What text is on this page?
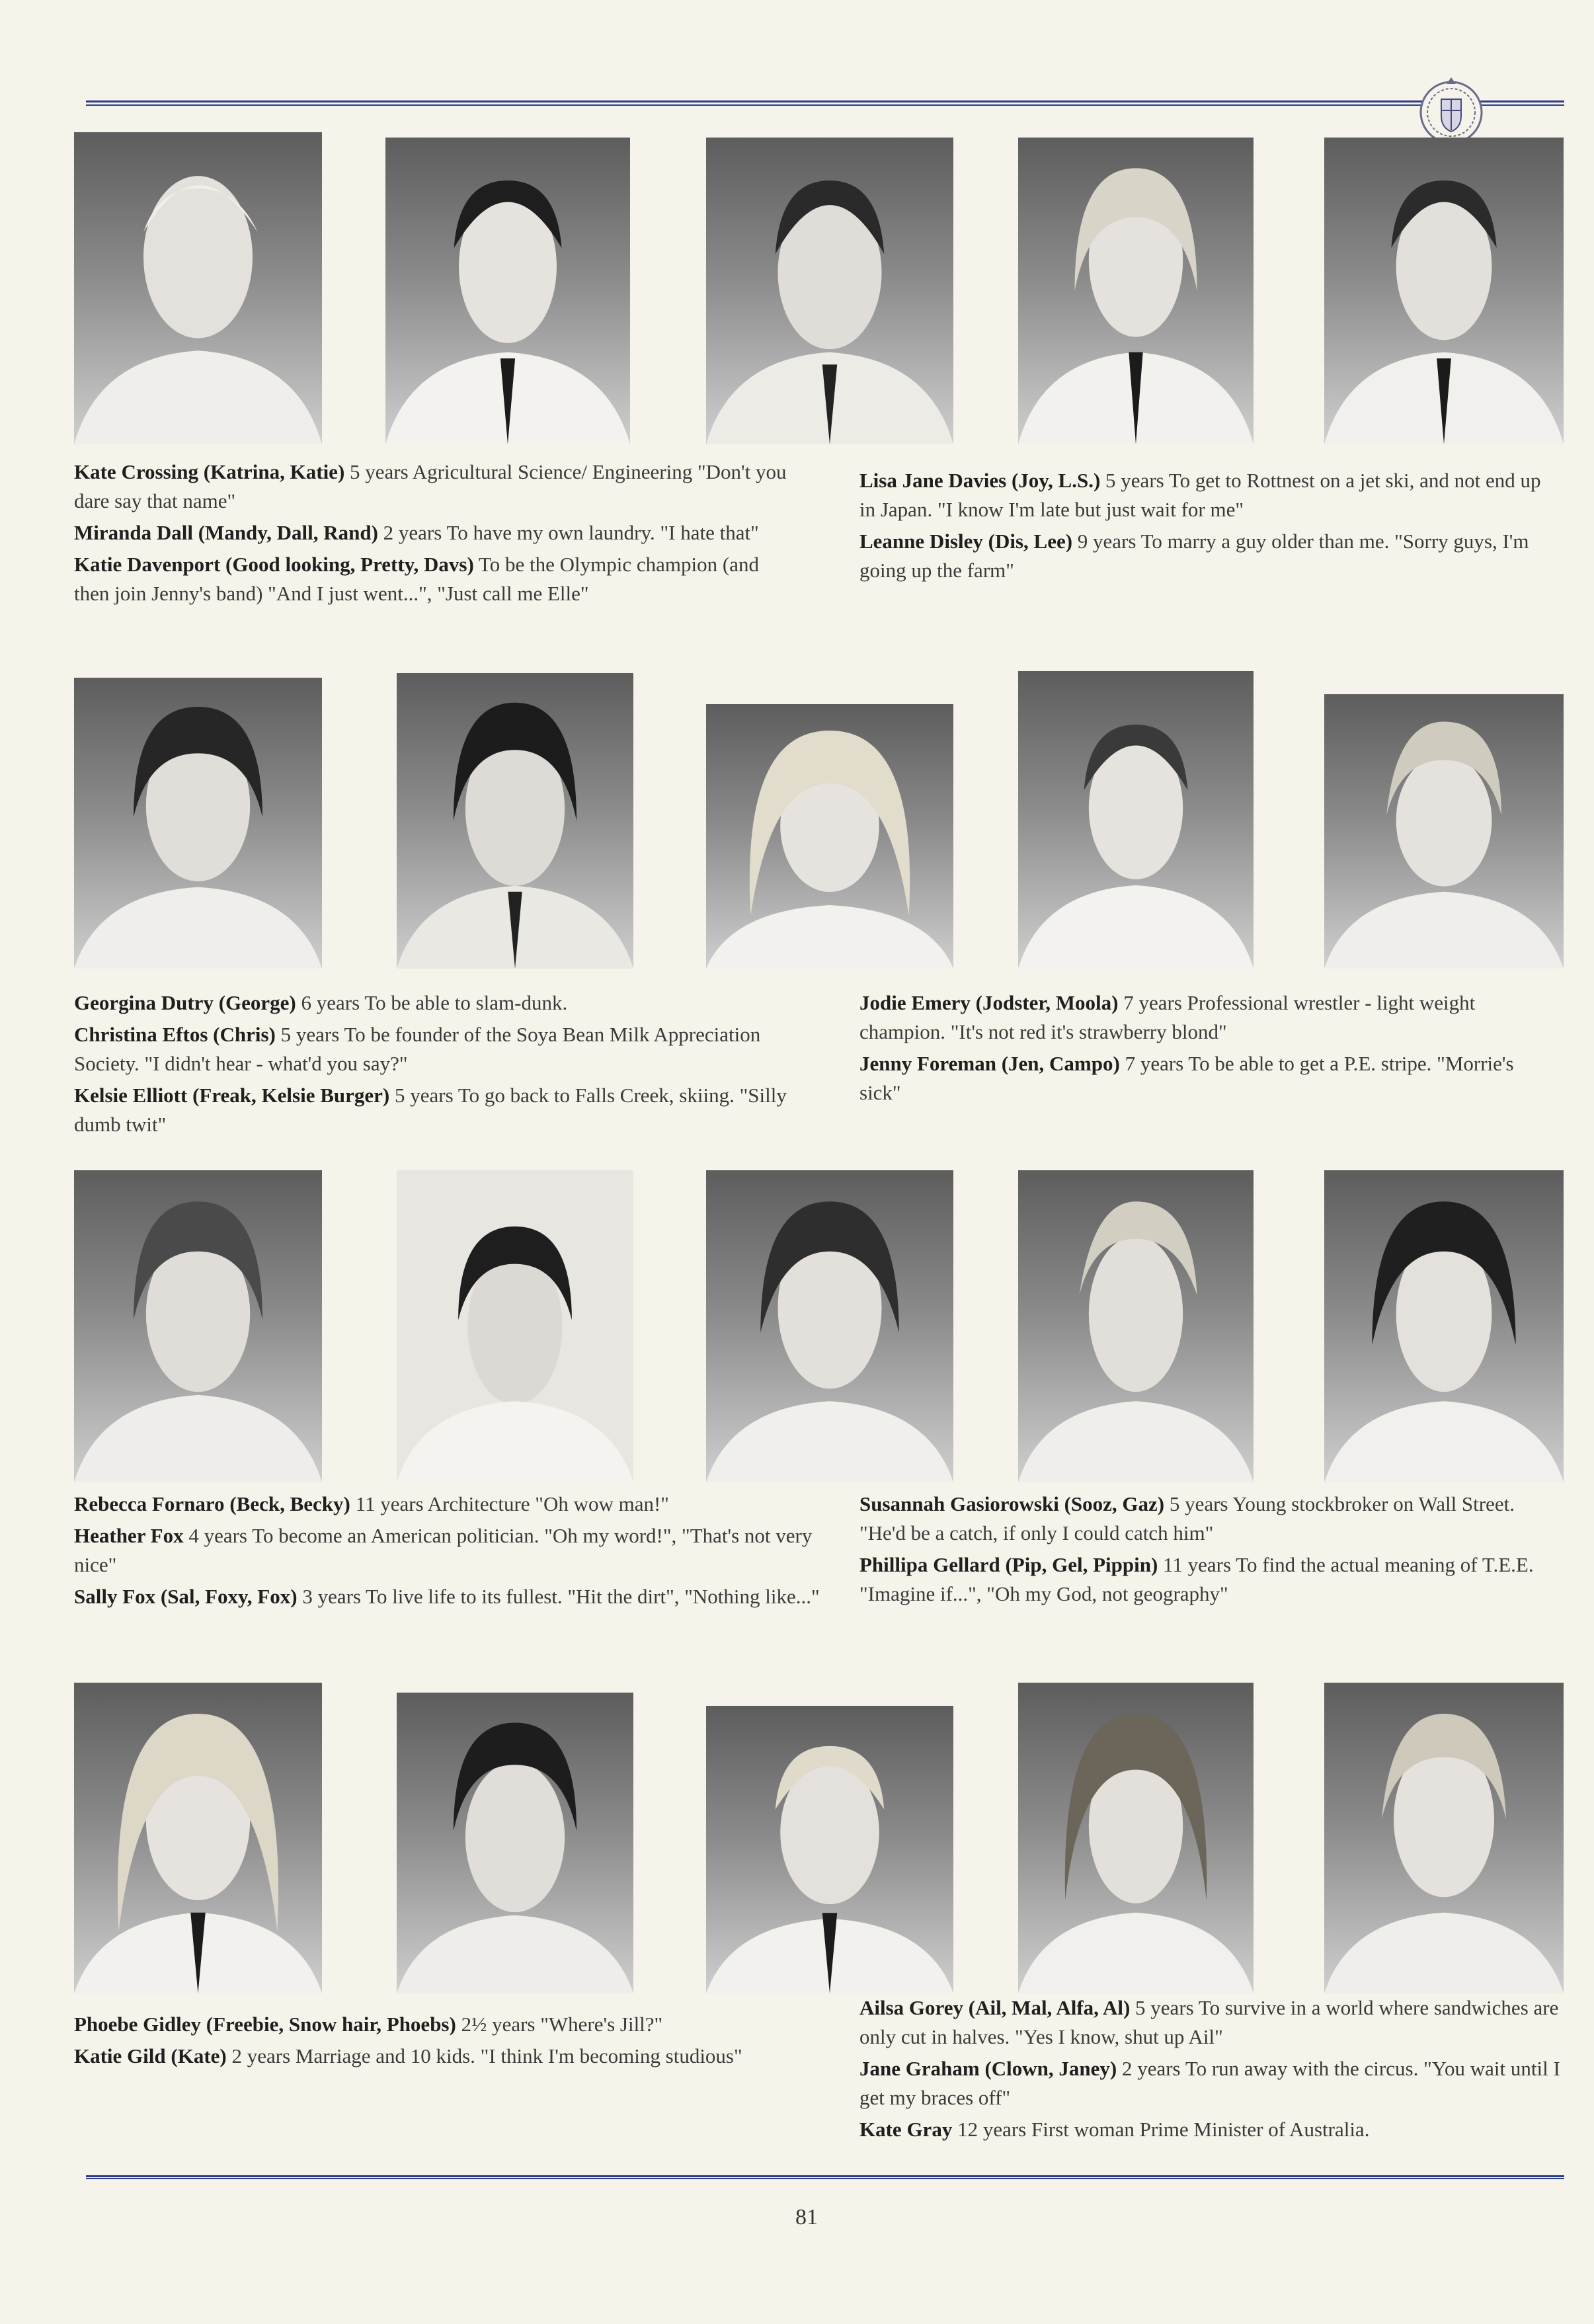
Kate Crossing (Katrina, Katie) 5 years Agricultural Science/ Engineering "Don't you dare say that name"
Miranda Dall (Mandy, Dall, Rand) 2 years To have my own laundry. "I hate that"
Katie Davenport (Good looking, Pretty, Davs) To be the Olympic champion (and then join Jenny's band) "And I just went...", "Just call me Elle"
Lisa Jane Davies (Joy, L.S.) 5 years To get to Rottnest on a jet ski, and not end up in Japan. "I know I'm late but just wait for me"
Leanne Disley (Dis, Lee) 9 years To marry a guy older than me. "Sorry guys, I'm going up the farm"
Georgina Dutry (George) 6 years To be able to slam-dunk.
Christina Eftos (Chris) 5 years To be founder of the Soya Bean Milk Appreciation Society. "I didn't hear - what'd you say?"
Kelsie Elliott (Freak, Kelsie Burger) 5 years To go back to Falls Creek, skiing. "Silly dumb twit"
Jodie Emery (Jodster, Moola) 7 years Professional wrestler - light weight champion. "It's not red it's strawberry blond"
Jenny Foreman (Jen, Campo) 7 years To be able to get a P.E. stripe. "Morrie's sick"
Rebecca Fornaro (Beck, Becky) 11 years Architecture "Oh wow man!"
Heather Fox 4 years To become an American politician. "Oh my word!", "That's not very nice"
Sally Fox (Sal, Foxy, Fox) 3 years To live life to its fullest. "Hit the dirt", "Nothing like..."
Susannah Gasiorowski (Sooz, Gaz) 5 years Young stockbroker on Wall Street. "He'd be a catch, if only I could catch him"
Phillipa Gellard (Pip, Gel, Pippin) 11 years To find the actual meaning of T.E.E. "Imagine if...", "Oh my God, not geography"
Phoebe Gidley (Freebie, Snow hair, Phoebs) 2½ years "Where's Jill?"
Katie Gild (Kate) 2 years Marriage and 10 kids. "I think I'm becoming studious"
Ailsa Gorey (Ail, Mal, Alfa, Al) 5 years To survive in a world where sandwiches are only cut in halves. "Yes I know, shut up Ail"
Jane Graham (Clown, Janey) 2 years To run away with the circus. "You wait until I get my braces off"
Kate Gray 12 years First woman Prime Minister of Australia.
81
